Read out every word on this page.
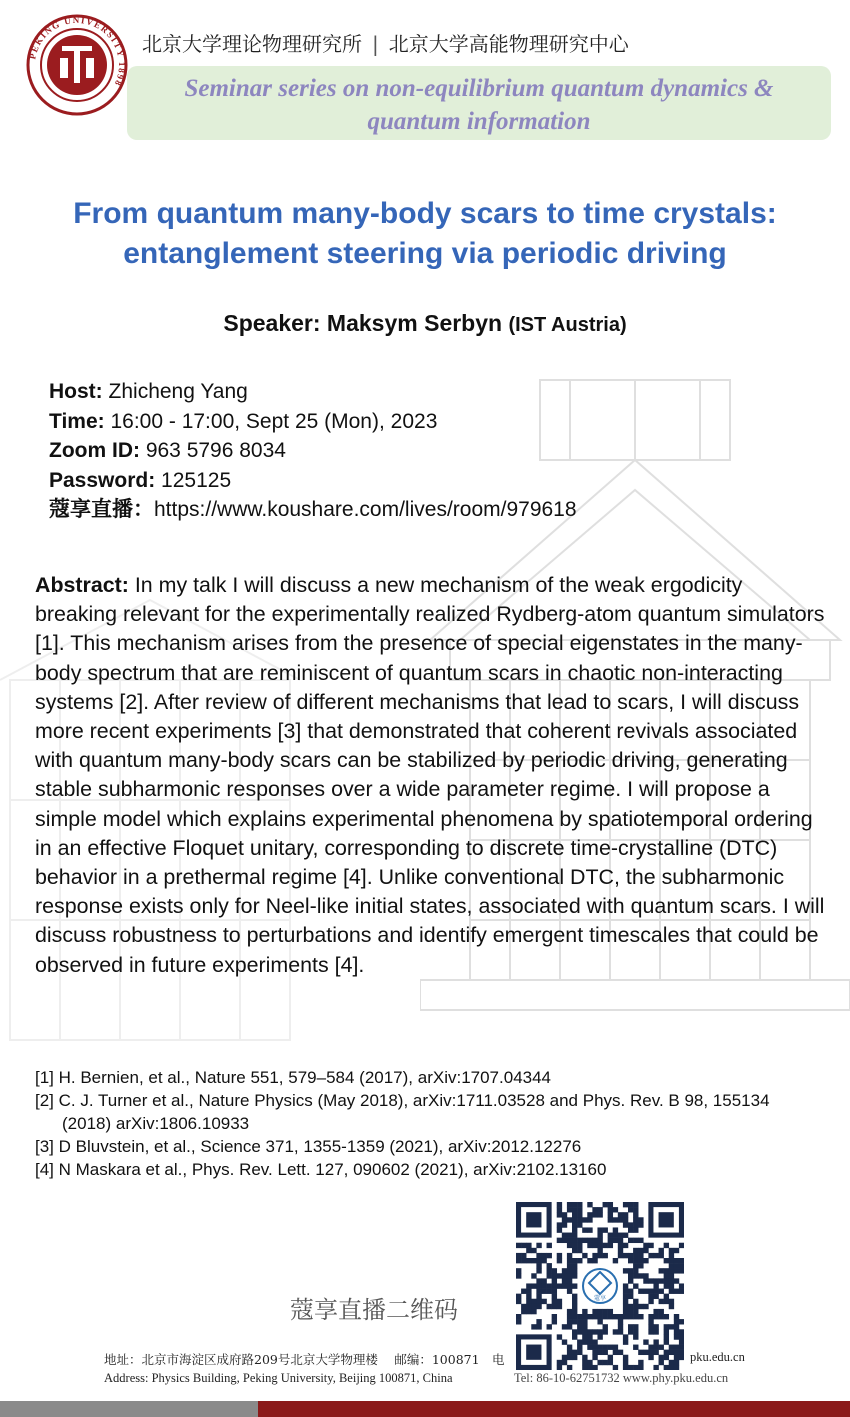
PEKING UNIVERSITY 1898
北京大学理论物理研究所 | 北京大学高能物理研究中心
Seminar series on non-equilibrium quantum dynamics & quantum information
From quantum many-body scars to time crystals:
entanglement steering via periodic driving
Speaker: Maksym Serbyn (IST Austria)
Host: Zhicheng Yang
Time: 16:00 - 17:00, Sept 25 (Mon), 2023
Zoom ID: 963 5796 8034
Password: 125125
蔻享直播：https://www.koushare.com/lives/room/979618
Abstract: In my talk I will discuss a new mechanism of the weak ergodicity breaking relevant for the experimentally realized Rydberg-atom quantum simulators [1]. This mechanism arises from the presence of special eigenstates in the many-body spectrum that are reminiscent of quantum scars in chaotic non-interacting systems [2]. After review of different mechanisms that lead to scars, I will discuss more recent experiments [3] that demonstrated that coherent revivals associated with quantum many-body scars can be stabilized by periodic driving, generating stable subharmonic responses over a wide parameter regime. I will propose a simple model which explains experimental phenomena by spatiotemporal ordering in an effective Floquet unitary, corresponding to discrete time-crystalline (DTC) behavior in a prethermal regime [4]. Unlike conventional DTC, the subharmonic response exists only for Neel-like initial states, associated with quantum scars. I will discuss robustness to perturbations and identify emergent timescales that could be observed in future experiments [4].
[1] H. Bernien, et al., Nature 551, 579–584 (2017), arXiv:1707.04344
[2] C. J. Turner et al., Nature Physics (May 2018), arXiv:1711.03528 and Phys. Rev. B 98, 155134 (2018) arXiv:1806.10933
[3] D Bluvstein, et al., Science 371, 1355-1359 (2021), arXiv:2012.12276
[4] N Maskara et al., Phys. Rev. Lett. 127, 090602 (2021), arXiv:2102.13160
蔻享直播二维码	蔻享
地址：北京市海淀区成府路209号北京大学物理楼　 邮编：100871　电	pku.edu.cn
Address: Physics Building, Peking University, Beijing 100871, China	Tel: 86-10-62751732 www.phy.pku.edu.cn
